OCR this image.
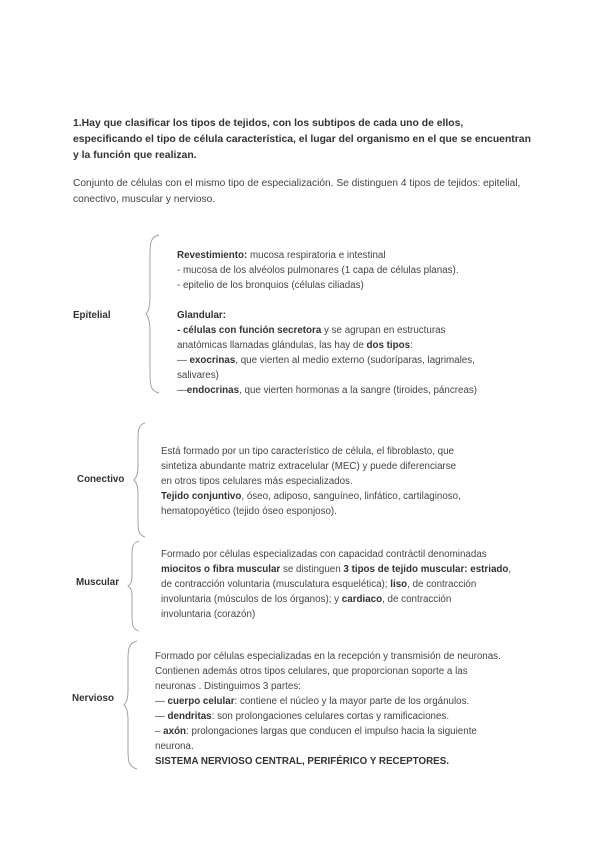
1.Hay que clasificar los tipos de tejidos, con los subtipos de cada uno de ellos, especificando el tipo de célula característica, el lugar del organismo en el que se encuentran y la función que realizan.
Conjunto de células con el mismo tipo de especialización. Se distinguen 4 tipos de tejidos: epitelial, conectivo, muscular y nervioso.
Epitelial
Revestimiento: mucosa respiratoria e intestinal
- mucosa de los alvéolos pulmonares (1 capa de células planas).
- epitelio de los bronquios (células ciliadas)
Glandular:
- células con función secretora y se agrupan en estructuras
anatómicas llamadas glándulas, las hay de dos tipos:
— exocrinas, que vierten al medio externo (sudoríparas, lagrimales,
salivares)
—endocrinas, que vierten hormonas a la sangre (tiroides, páncreas)
Conectivo
Está formado por un tipo característico de célula, el fibroblasto, que
sintetiza abundante matriz extracelular (MEC) y puede diferenciarse
en otros tipos celulares más especializados.
Tejido conjuntivo, óseo, adiposo, sanguíneo, linfático, cartilaginoso,
hematopoyético (tejido óseo esponjoso).
Muscular
Formado por células especializadas con capacidad contráctil denominadas
miocitos o fibra muscular se distinguen 3 tipos de tejido muscular: estriado,
de contracción voluntaria (musculatura esquelética); liso, de contracción
involuntaria (músculos de los órganos); y cardiaco, de contracción
involuntaria (corazón)
Nervioso
Formado por células especializadas en la recepción y transmisión de neuronas.
Contienen además otros tipos celulares, que proporcionan soporte a las
neuronas . Distinguimos 3 partes:
— cuerpo celular: contiene el núcleo y la mayor parte de los orgánulos.
— dendritas: son prolongaciones celulares cortas y ramificaciones.
– axón: prolongaciones largas que conducen el impulso hacia la siguiente
neurona.
SISTEMA NERVIOSO CENTRAL, PERIFÉRICO Y RECEPTORES.
